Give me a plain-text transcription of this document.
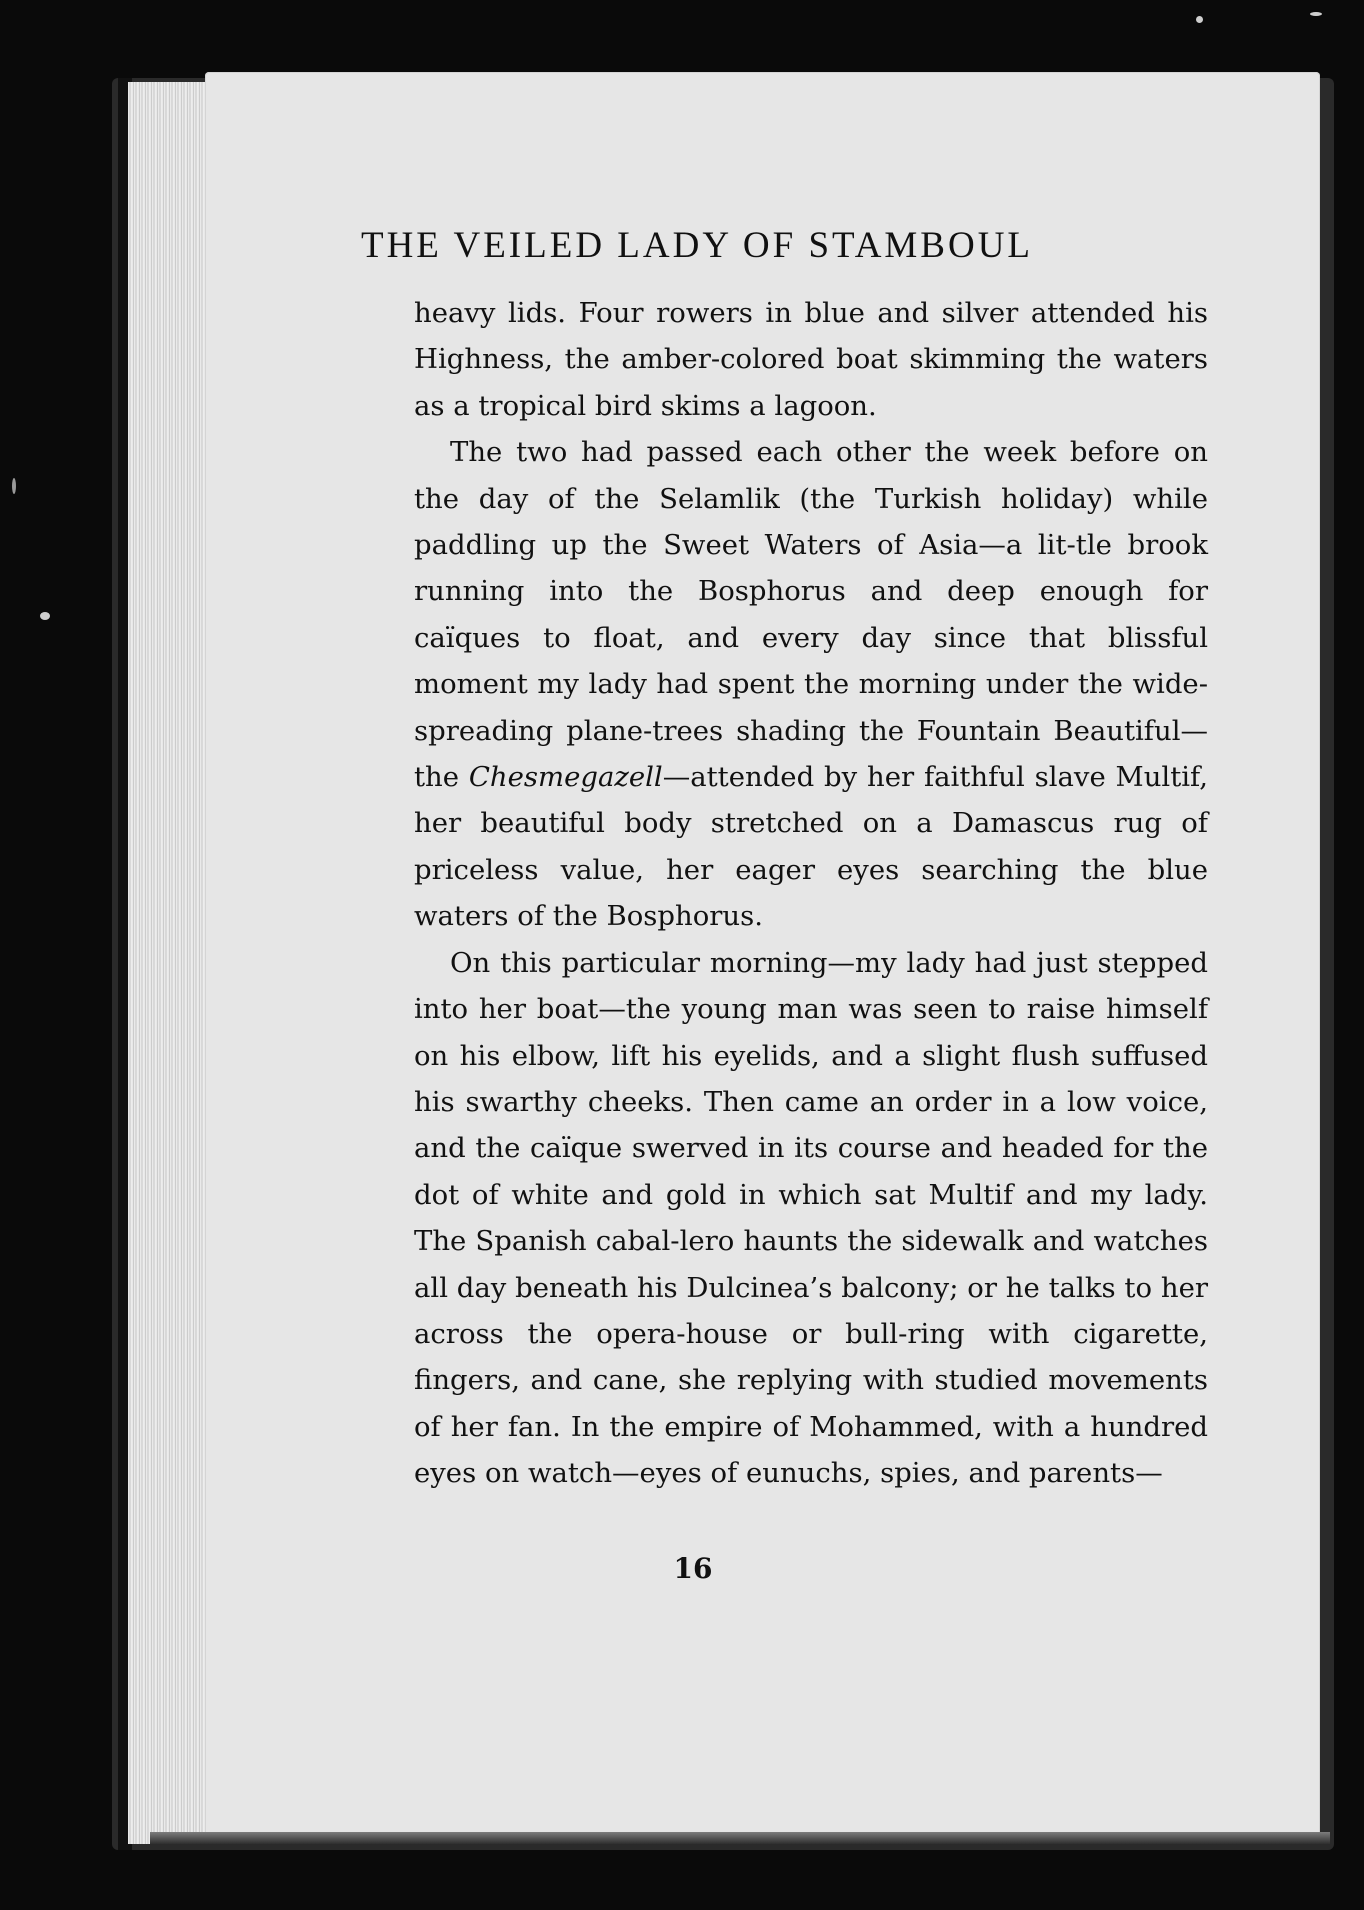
THE VEILED LADY OF STAMBOUL

heavy lids. Four rowers in blue and silver attended his Highness, the amber-colored boat skimming the waters as a tropical bird skims a lagoon.

The two had passed each other the week before on the day of the Selamlik (the Turkish holiday) while paddling up the Sweet Waters of Asia—a lit-tle brook running into the Bosphorus and deep enough for caïques to float, and every day since that blissful moment my lady had spent the morning under the wide-spreading plane-trees shading the Fountain Beautiful—the Chesmegazell—attended by her faithful slave Multif, her beautiful body stretched on a Damascus rug of priceless value, her eager eyes searching the blue waters of the Bosphorus.

On this particular morning—my lady had just stepped into her boat—the young man was seen to raise himself on his elbow, lift his eyelids, and a slight flush suffused his swarthy cheeks. Then came an order in a low voice, and the caïque swerved in its course and headed for the dot of white and gold in which sat Multif and my lady. The Spanish cabal-lero haunts the sidewalk and watches all day beneath his Dulcinea’s balcony; or he talks to her across the opera-house or bull-ring with cigarette, fingers, and cane, she replying with studied movements of her fan. In the empire of Mohammed, with a hundred eyes on watch—eyes of eunuchs, spies, and parents—

16
